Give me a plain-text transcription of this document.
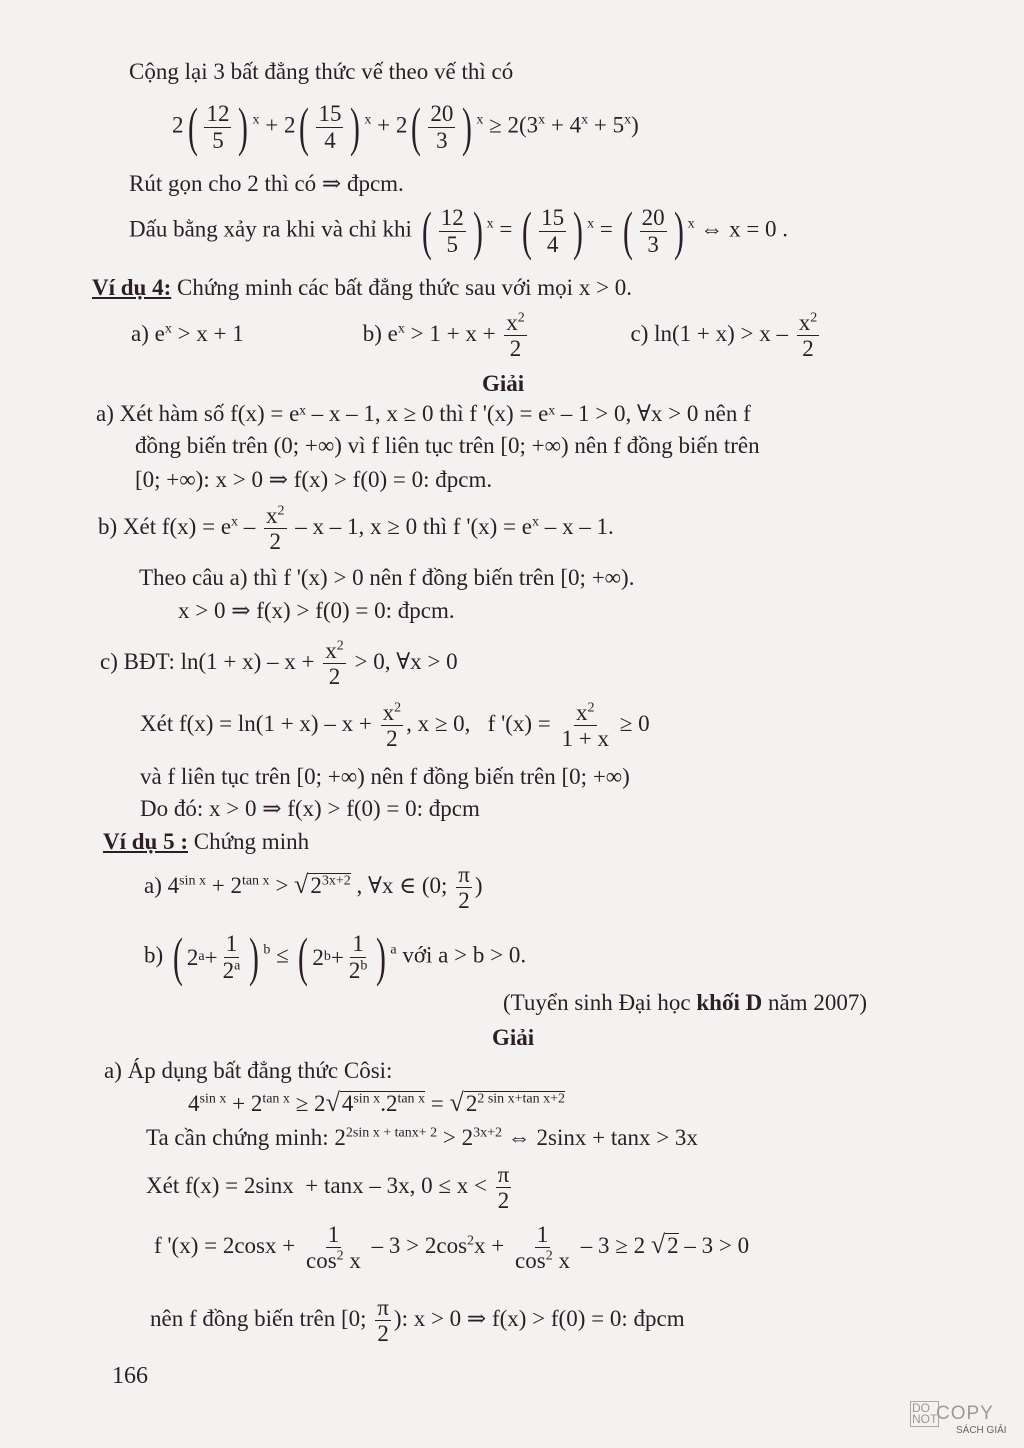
Cộng lại 3 bất đẳng thức vế theo vế thì có
2 ( 12
5 ) $^x$ + 2 ( 15
4 ) $^x$ + 2 ( 20
3 ) $^x \ge 2(3^x + 4^x + 5^x)$
Rút gọn cho 2 thì có ⇒ đpcm.
Dấu bằng xảy ra khi và chỉ khi ( 12
5 ) $^x$ = ( 15
4 ) $^x$ = ( 20
3 ) $^x$ ⇔ x = 0 .
Ví dụ 4: Chứng minh các bất đẳng thức sau với mọi x > 0.
a) $e^x > x + 1$	b) $e^x > 1 + x + \frac{x^2}{2}$	c) $\ln(1 + x) > x - \frac{x^2}{2}$
Giải
a) Xét hàm số f(x) = eˣ – x – 1, x ≥ 0 thì f '(x) = eˣ – 1 > 0, ∀x > 0 nên f
đồng biến trên (0; +∞) vì f liên tục trên [0; +∞) nên f đồng biến trên
[0; +∞): x > 0 ⇒ f(x) > f(0) = 0: đpcm.
b) Xét $f(x) = e^x - \frac{x^2}{2} - x - 1$, x ≥ 0 thì f '$(x) = e^x - x - 1$.
Theo câu a) thì f '(x) > 0 nên f đồng biến trên [0; +∞).
x > 0 ⇒ f(x) > f(0) = 0: đpcm.
c) BĐT: $\ln(1 + x) - x + \frac{x^2}{2} > 0$, ∀x > 0
Xét $f(x) = \ln(1 + x) - x + \frac{x^2}{2}$ , x ≥ 0,   f '$(x) = \frac{x^2}{1 + x} \ge 0$
và f liên tục trên [0; +∞) nên f đồng biến trên [0; +∞)
Do đó: x > 0 ⇒ f(x) > f(0) = 0: đpcm
Ví dụ 5 : Chứng minh
a) $4^{sin x} + 2^{tan x} > √2^{3x+2}$ , ∀x ∈ (0; $\frac{\pi}{2}$ )
b) ( 2 a +
1
2$^a$ ) $^b$ ≤ ( 2 b +
1
2$^b$ ) $^a$ với a > b > 0.
(Tuyển sinh Đại học khối D năm 2007)
Giải
a) Áp dụng bất đẳng thức Côsi:
$4^{sin x} + 2^{tan x} \ge 2√4^{sin x}.2^{tan x} = √2^{2 sin x+tan x+2}$
Ta cần chứng minh: $2^{2sin x + tanx+ 2} > 2^{3x+2}$ ⇔ 2sinx + tanx > 3x
Xét f(x) = 2sinx  + tanx – 3x, $0 \le x < \frac{\pi}{2}$
f '$(x) = 2\cos x + \frac{1}{\cos^2 x} - 3 > 2\cos^2x + \frac{1}{\cos^2 x} - 3 \ge 2$ √2 – 3 > 0
nên f đồng biến trên [0; $\frac{\pi}{2}$ ): x > 0 ⇒ f(x) > f(0) = 0: đpcm
166
DO
NOT
COPY
SÁCH GIẢI
